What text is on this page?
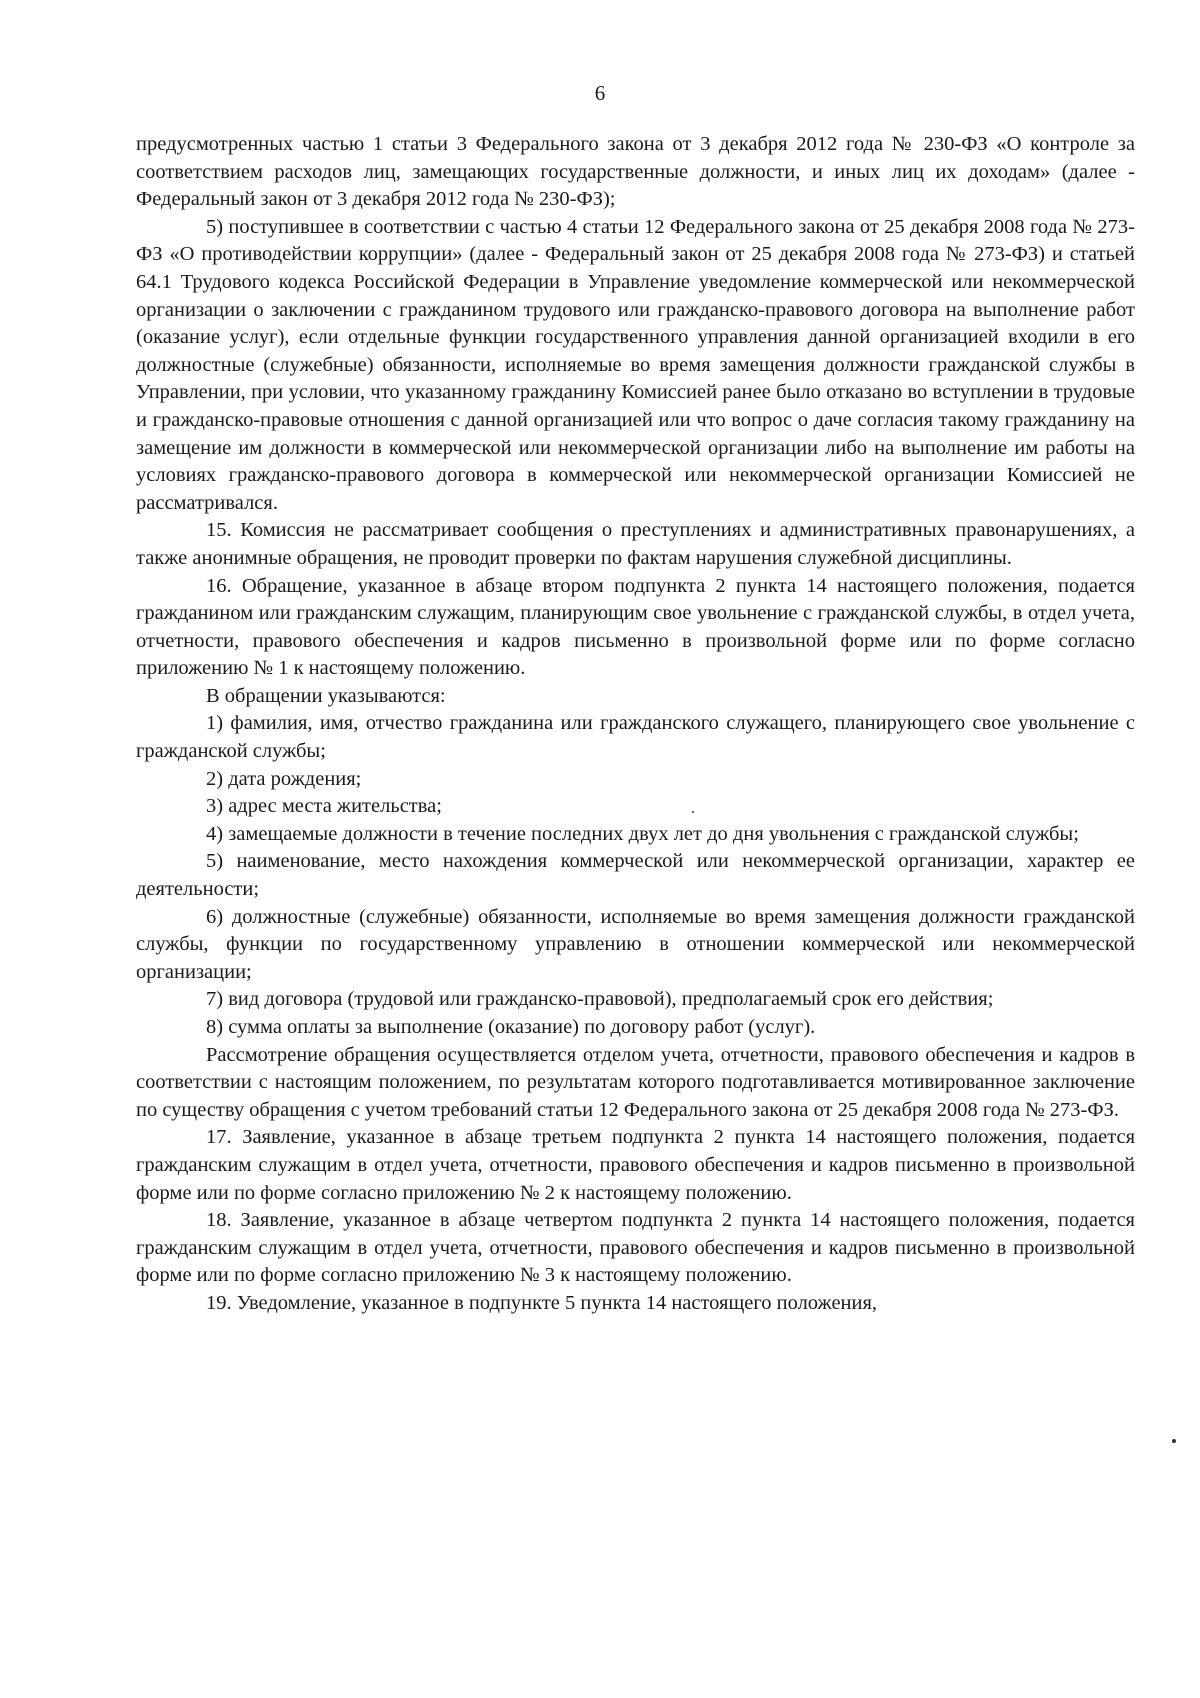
6

предусмотренных частью 1 статьи 3 Федерального закона от 3 декабря 2012 года № 230-ФЗ «О контроле за соответствием расходов лиц, замещающих государственные должности, и иных лиц их доходам» (далее - Федеральный закон от 3 декабря 2012 года № 230-ФЗ);

5) поступившее в соответствии с частью 4 статьи 12 Федерального закона от 25 декабря 2008 года № 273-ФЗ «О противодействии коррупции» (далее - Федеральный закон от 25 декабря 2008 года № 273-ФЗ) и статьей 64.1 Трудового кодекса Российской Федерации в Управление уведомление коммерческой или некоммерческой организации о заключении с гражданином трудового или гражданско-правового договора на выполнение работ (оказание услуг), если отдельные функции государственного управления данной организацией входили в его должностные (служебные) обязанности, исполняемые во время замещения должности гражданской службы в Управлении, при условии, что указанному гражданину Комиссией ранее было отказано во вступлении в трудовые и гражданско-правовые отношения с данной организацией или что вопрос о даче согласия такому гражданину на замещение им должности в коммерческой или некоммерческой организации либо на выполнение им работы на условиях гражданско-правового договора в коммерческой или некоммерческой организации Комиссией не рассматривался.

15. Комиссия не рассматривает сообщения о преступлениях и административных правонарушениях, а также анонимные обращения, не проводит проверки по фактам нарушения служебной дисциплины.

16. Обращение, указанное в абзаце втором подпункта 2 пункта 14 настоящего положения, подается гражданином или гражданским служащим, планирующим свое увольнение с гражданской службы, в отдел учета, отчетности, правового обеспечения и кадров письменно в произвольной форме или по форме согласно приложению № 1 к настоящему положению.

В обращении указываются:

1) фамилия, имя, отчество гражданина или гражданского служащего, планирующего свое увольнение с гражданской службы;

2) дата рождения;

3) адрес места жительства;

4) замещаемые должности в течение последних двух лет до дня увольнения с гражданской службы;

5) наименование, место нахождения коммерческой или некоммерческой организации, характер ее деятельности;

6) должностные (служебные) обязанности, исполняемые во время замещения должности гражданской службы, функции по государственному управлению в отношении коммерческой или некоммерческой организации;

7) вид договора (трудовой или гражданско-правовой), предполагаемый срок его действия;

8) сумма оплаты за выполнение (оказание) по договору работ (услуг).

Рассмотрение обращения осуществляется отделом учета, отчетности, правового обеспечения и кадров в соответствии с настоящим положением, по результатам которого подготавливается мотивированное заключение по существу обращения с учетом требований статьи 12 Федерального закона от 25 декабря 2008 года № 273-ФЗ.

17. Заявление, указанное в абзаце третьем подпункта 2 пункта 14 настоящего положения, подается гражданским служащим в отдел учета, отчетности, правового обеспечения и кадров письменно в произвольной форме или по форме согласно приложению № 2 к настоящему положению.

18. Заявление, указанное в абзаце четвертом подпункта 2 пункта 14 настоящего положения, подается гражданским служащим в отдел учета, отчетности, правового обеспечения и кадров письменно в произвольной форме или по форме согласно приложению № 3 к настоящему положению.

19. Уведомление, указанное в подпункте 5 пункта 14 настоящего положения,
